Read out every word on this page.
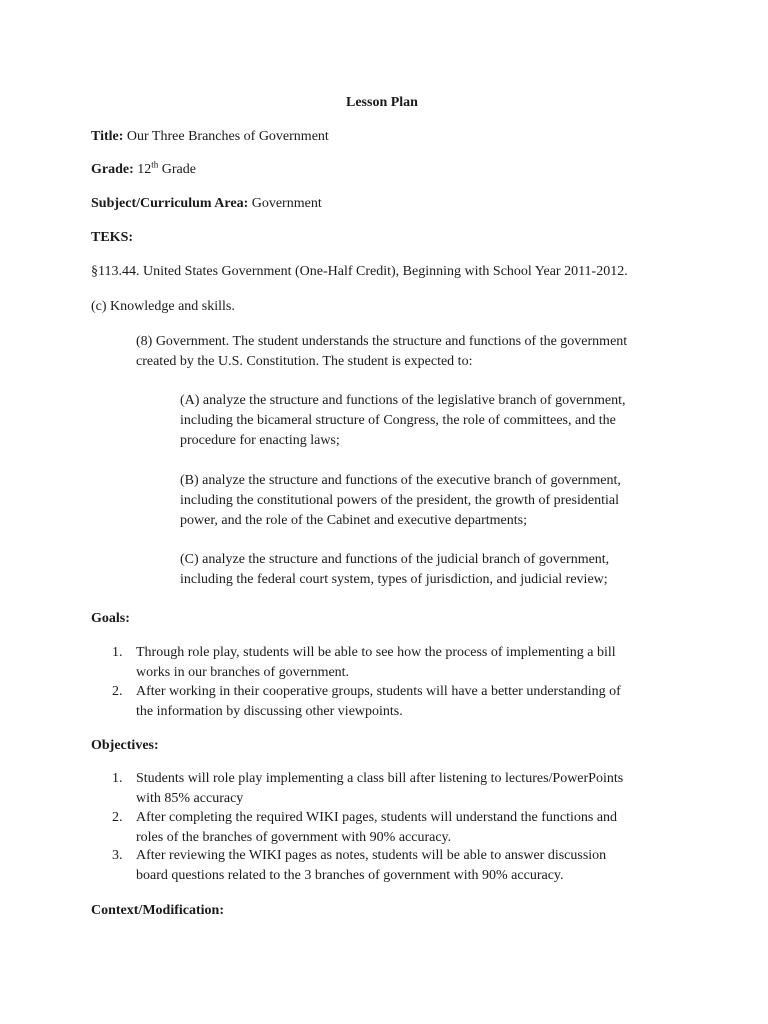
Lesson Plan
Title: Our Three Branches of Government
Grade: 12th Grade
Subject/Curriculum Area: Government
TEKS:
§113.44. United States Government (One-Half Credit), Beginning with School Year 2011-2012.
(c) Knowledge and skills.
(8) Government. The student understands the structure and functions of the government
created by the U.S. Constitution. The student is expected to:
(A) analyze the structure and functions of the legislative branch of government,
including the bicameral structure of Congress, the role of committees, and the
procedure for enacting laws;
(B) analyze the structure and functions of the executive branch of government,
including the constitutional powers of the president, the growth of presidential
power, and the role of the Cabinet and executive departments;
(C) analyze the structure and functions of the judicial branch of government,
including the federal court system, types of jurisdiction, and judicial review;
Goals:
1. Through role play, students will be able to see how the process of implementing a bill
works in our branches of government.
2. After working in their cooperative groups, students will have a better understanding of
the information by discussing other viewpoints.
Objectives:
1. Students will role play implementing a class bill after listening to lectures/PowerPoints
with 85% accuracy
2. After completing the required WIKI pages, students will understand the functions and
roles of the branches of government with 90% accuracy.
3. After reviewing the WIKI pages as notes, students will be able to answer discussion
board questions related to the 3 branches of government with 90% accuracy.
Context/Modification:
